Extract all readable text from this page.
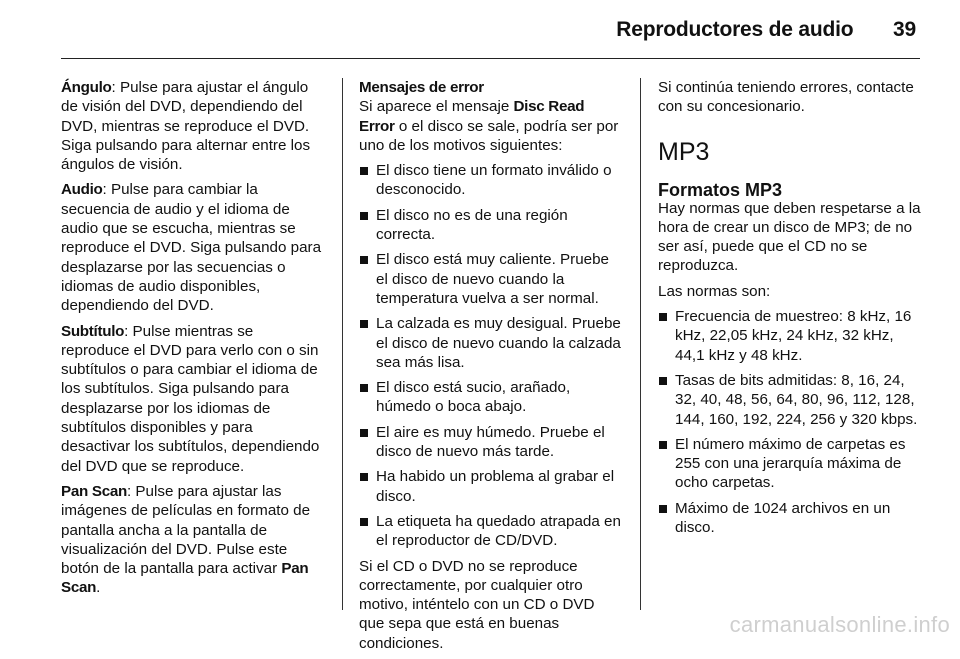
Reproductores de audio 39

Ángulo: Pulse para ajustar el ángulo de visión del DVD, dependiendo del DVD, mientras se reproduce el DVD. Siga pulsando para alternar entre los ángulos de visión.

Audio: Pulse para cambiar la secuencia de audio y el idioma de audio que se escucha, mientras se reproduce el DVD. Siga pulsando para desplazarse por las secuencias o idiomas de audio disponibles, dependiendo del DVD.

Subtítulo: Pulse mientras se reproduce el DVD para verlo con o sin subtítulos o para cambiar el idioma de los subtítulos. Siga pulsando para desplazarse por los idiomas de subtítulos disponibles y para desactivar los subtítulos, dependiendo del DVD que se reproduce.

Pan Scan: Pulse para ajustar las imágenes de películas en formato de pantalla ancha a la pantalla de visualización del DVD. Pulse este botón de la pantalla para activar Pan Scan.

Mensajes de error
Si aparece el mensaje Disc Read Error o el disco se sale, podría ser por uno de los motivos siguientes:

El disco tiene un formato inválido o desconocido.
El disco no es de una región correcta.
El disco está muy caliente. Pruebe el disco de nuevo cuando la temperatura vuelva a ser normal.
La calzada es muy desigual. Pruebe el disco de nuevo cuando la calzada sea más lisa.
El disco está sucio, arañado, húmedo o boca abajo.
El aire es muy húmedo. Pruebe el disco de nuevo más tarde.
Ha habido un problema al grabar el disco.
La etiqueta ha quedado atrapada en el reproductor de CD/DVD.

Si el CD o DVD no se reproduce correctamente, por cualquier otro motivo, inténtelo con un CD o DVD que sepa que está en buenas condiciones.

Si continúa teniendo errores, contacte con su concesionario.

MP3
Formatos MP3

Hay normas que deben respetarse a la hora de crear un disco de MP3; de no ser así, puede que el CD no se reproduzca.

Las normas son:

Frecuencia de muestreo: 8 kHz, 16 kHz, 22,05 kHz, 24 kHz, 32 kHz, 44,1 kHz y 48 kHz.
Tasas de bits admitidas: 8, 16, 24, 32, 40, 48, 56, 64, 80, 96, 112, 128, 144, 160, 192, 224, 256 y 320 kbps.
El número máximo de carpetas es 255 con una jerarquía máxima de ocho carpetas.
Máximo de 1024 archivos en un disco.
carmanualsonline.info
